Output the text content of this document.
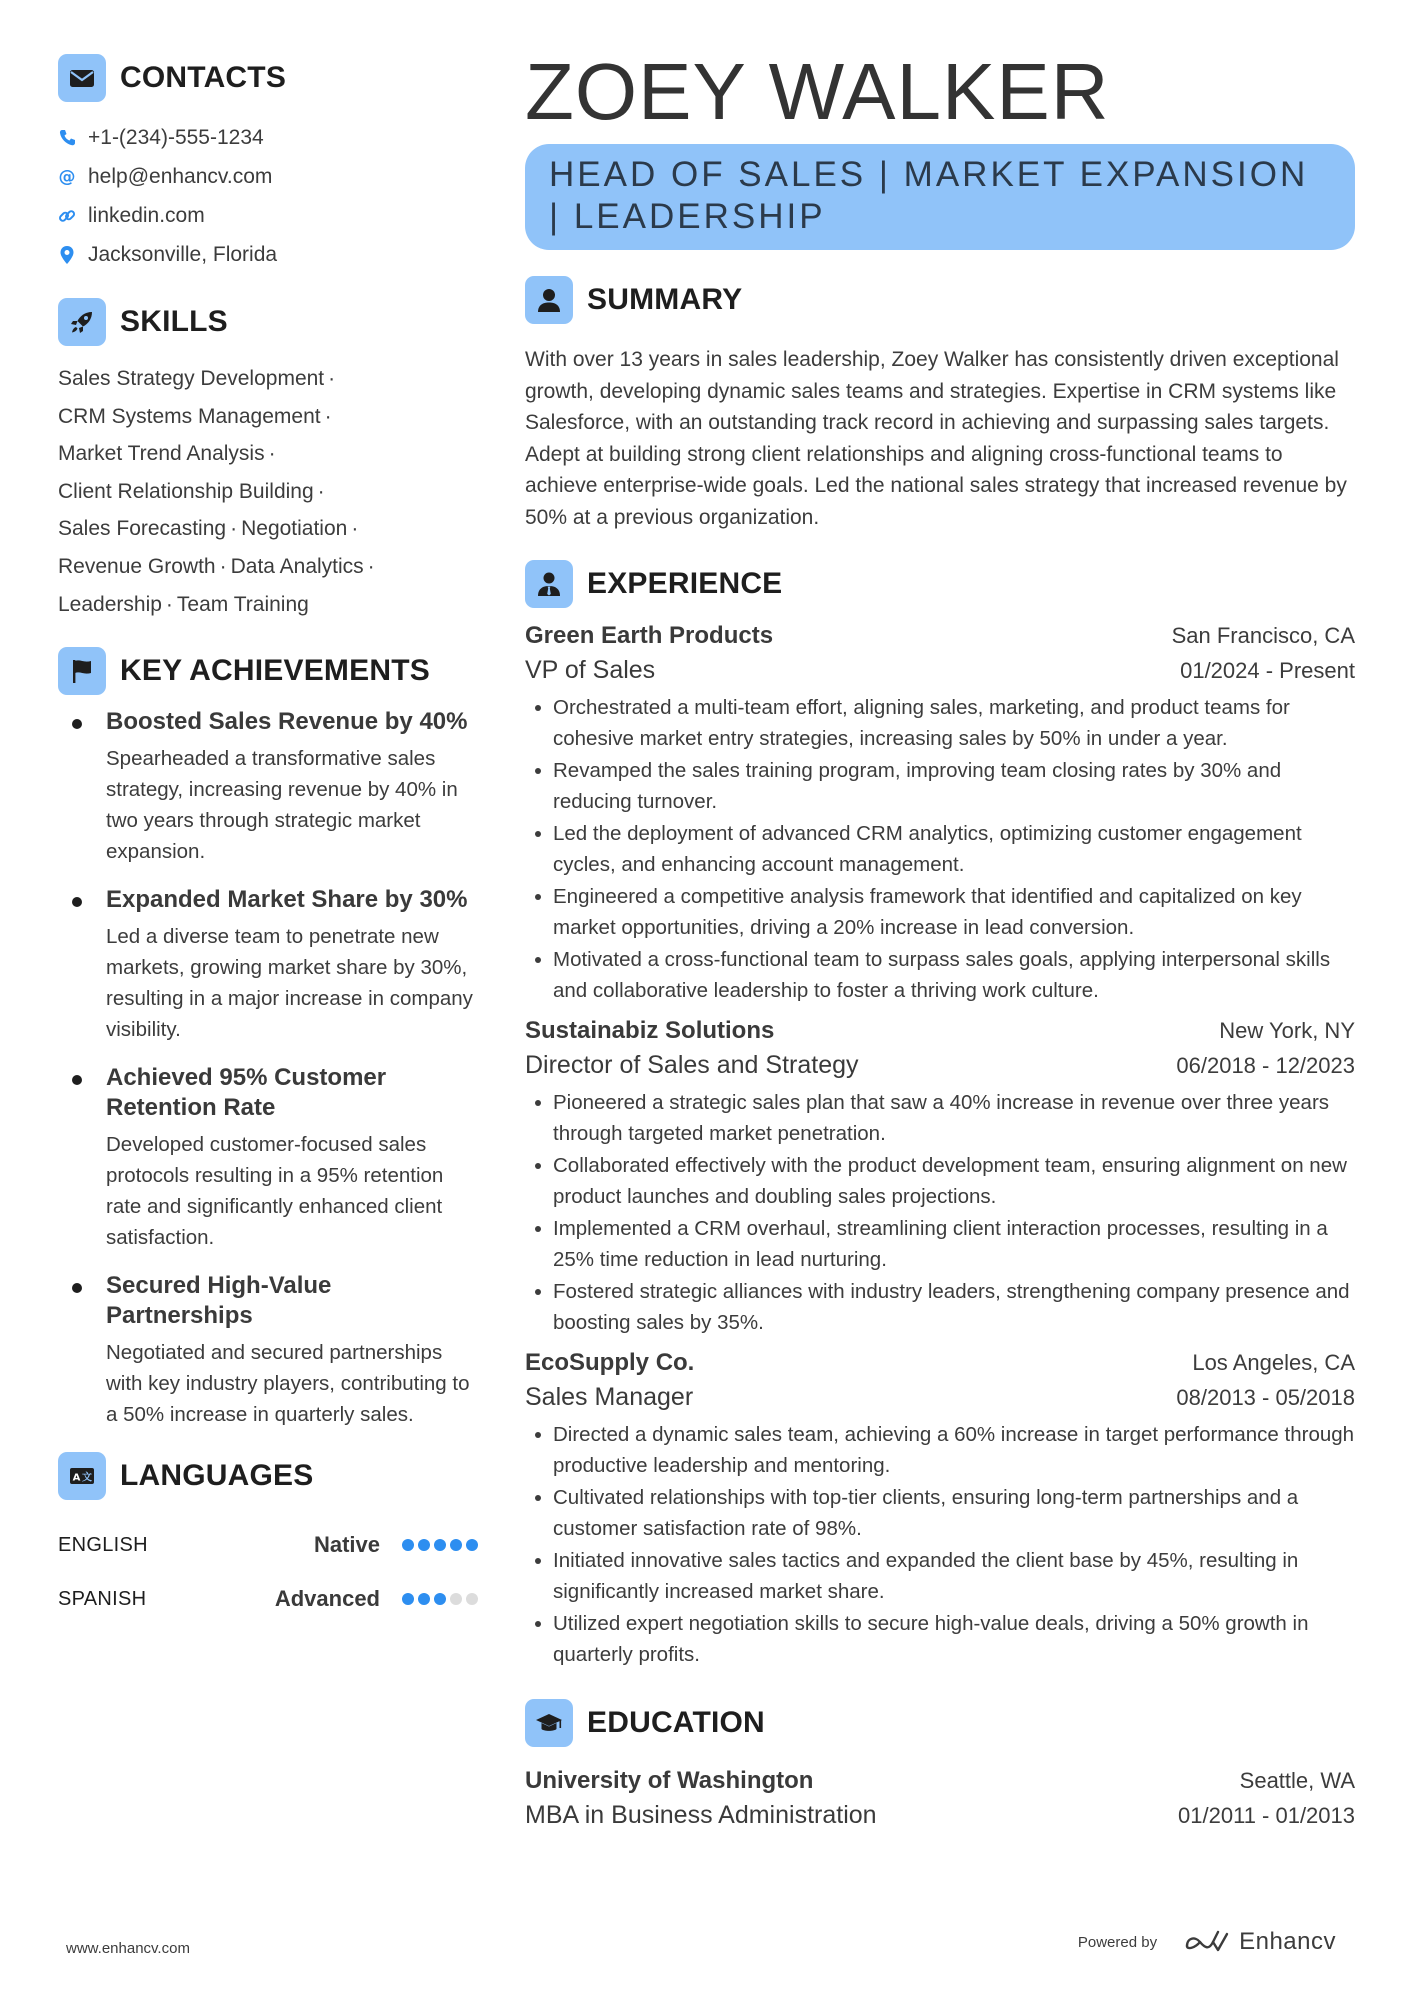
CONTACTS
+1-(234)-555-1234
@ help@enhancv.com
linkedin.com
Jacksonville, Florida
SKILLS
Sales Strategy Development ·
CRM Systems Management ·
Market Trend Analysis ·
Client Relationship Building ·
Sales Forecasting · Negotiation ·
Revenue Growth · Data Analytics ·
Leadership · Team Training
KEY ACHIEVEMENTS
Boosted Sales Revenue by 40%
Spearheaded a transformative sales strategy, increasing revenue by 40% in two years through strategic market expansion.
Expanded Market Share by 30%
Led a diverse team to penetrate new markets, growing market share by 30%, resulting in a major increase in company visibility.
Achieved 95% Customer Retention Rate
Developed customer-focused sales protocols resulting in a 95% retention rate and significantly enhanced client satisfaction.
Secured High-Value Partnerships
Negotiated and secured partnerships with key industry players, contributing to a 50% increase in quarterly sales.
A 文 LANGUAGES
ENGLISH	Native
SPANISH	Advanced
ZOEY WALKER
HEAD OF SALES | MARKET EXPANSION | LEADERSHIP
SUMMARY
With over 13 years in sales leadership, Zoey Walker has consistently driven exceptional growth, developing dynamic sales teams and strategies. Expertise in CRM systems like Salesforce, with an outstanding track record in achieving and surpassing sales targets. Adept at building strong client relationships and aligning cross-functional teams to achieve enterprise-wide goals. Led the national sales strategy that increased revenue by 50% at a previous organization.
EXPERIENCE
Green Earth Products	San Francisco, CA
VP of Sales	01/2024 - Present
Orchestrated a multi-team effort, aligning sales, marketing, and product teams for cohesive market entry strategies, increasing sales by 50% in under a year.
Revamped the sales training program, improving team closing rates by 30% and reducing turnover.
Led the deployment of advanced CRM analytics, optimizing customer engagement cycles, and enhancing account management.
Engineered a competitive analysis framework that identified and capitalized on key market opportunities, driving a 20% increase in lead conversion.
Motivated a cross-functional team to surpass sales goals, applying interpersonal skills and collaborative leadership to foster a thriving work culture.
Sustainabiz Solutions	New York, NY
Director of Sales and Strategy	06/2018 - 12/2023
Pioneered a strategic sales plan that saw a 40% increase in revenue over three years through targeted market penetration.
Collaborated effectively with the product development team, ensuring alignment on new product launches and doubling sales projections.
Implemented a CRM overhaul, streamlining client interaction processes, resulting in a 25% time reduction in lead nurturing.
Fostered strategic alliances with industry leaders, strengthening company presence and boosting sales by 35%.
EcoSupply Co.	Los Angeles, CA
Sales Manager	08/2013 - 05/2018
Directed a dynamic sales team, achieving a 60% increase in target performance through productive leadership and mentoring.
Cultivated relationships with top-tier clients, ensuring long-term partnerships and a customer satisfaction rate of 98%.
Initiated innovative sales tactics and expanded the client base by 45%, resulting in significantly increased market share.
Utilized expert negotiation skills to secure high-value deals, driving a 50% growth in quarterly profits.
EDUCATION
University of Washington	Seattle, WA
MBA in Business Administration	01/2011 - 01/2013
www.enhancv.com	Powered by	Enhancv
